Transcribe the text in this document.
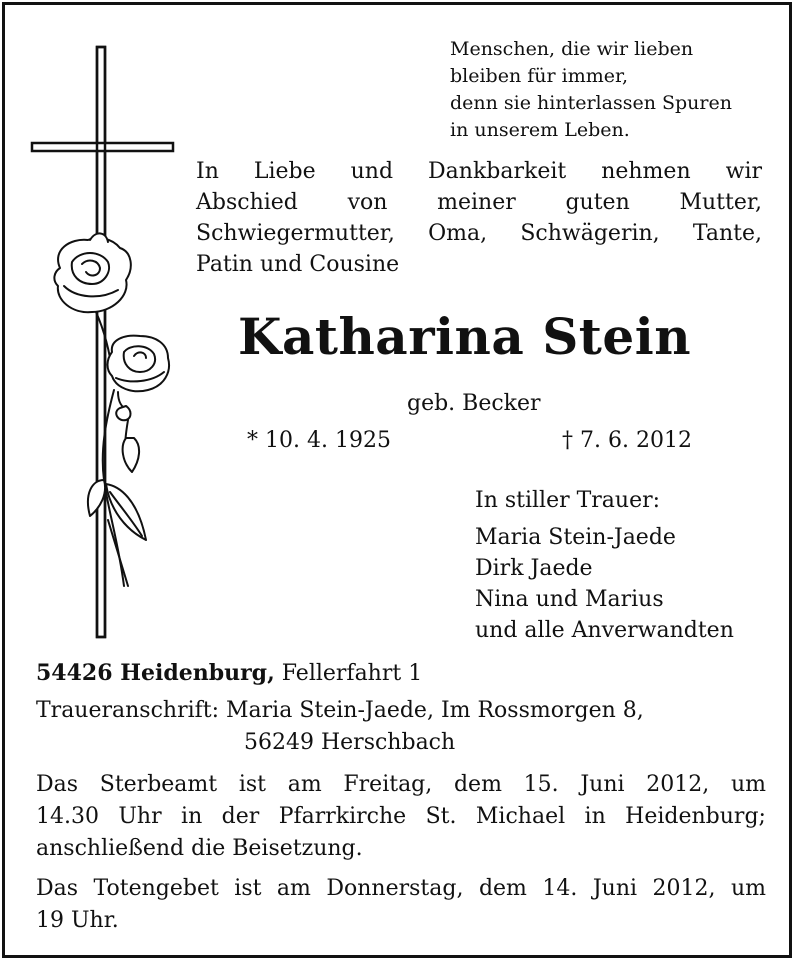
Menschen, die wir lieben
bleiben für immer,
denn sie hinterlassen Spuren
in unserem Leben.
In Liebe und Dankbarkeit nehmen wir
Abschied von meiner guten Mutter,
Schwiegermutter, Oma, Schwägerin, Tante,
Patin und Cousine
Katharina Stein
geb. Becker
* 10. 4. 1925	† 7. 6. 2012
In stiller Trauer:
Maria Stein-Jaede
Dirk Jaede
Nina und Marius
und alle Anverwandten
54426 Heidenburg, Fellerfahrt 1
Traueranschrift: Maria Stein-Jaede, Im Rossmorgen 8,
56249 Herschbach
Das Sterbeamt ist am Freitag, dem 15. Juni 2012, um
14.30 Uhr in der Pfarrkirche St. Michael in Heidenburg;
anschließend die Beisetzung.
Das Totengebet ist am Donnerstag, dem 14. Juni 2012, um
19 Uhr.
